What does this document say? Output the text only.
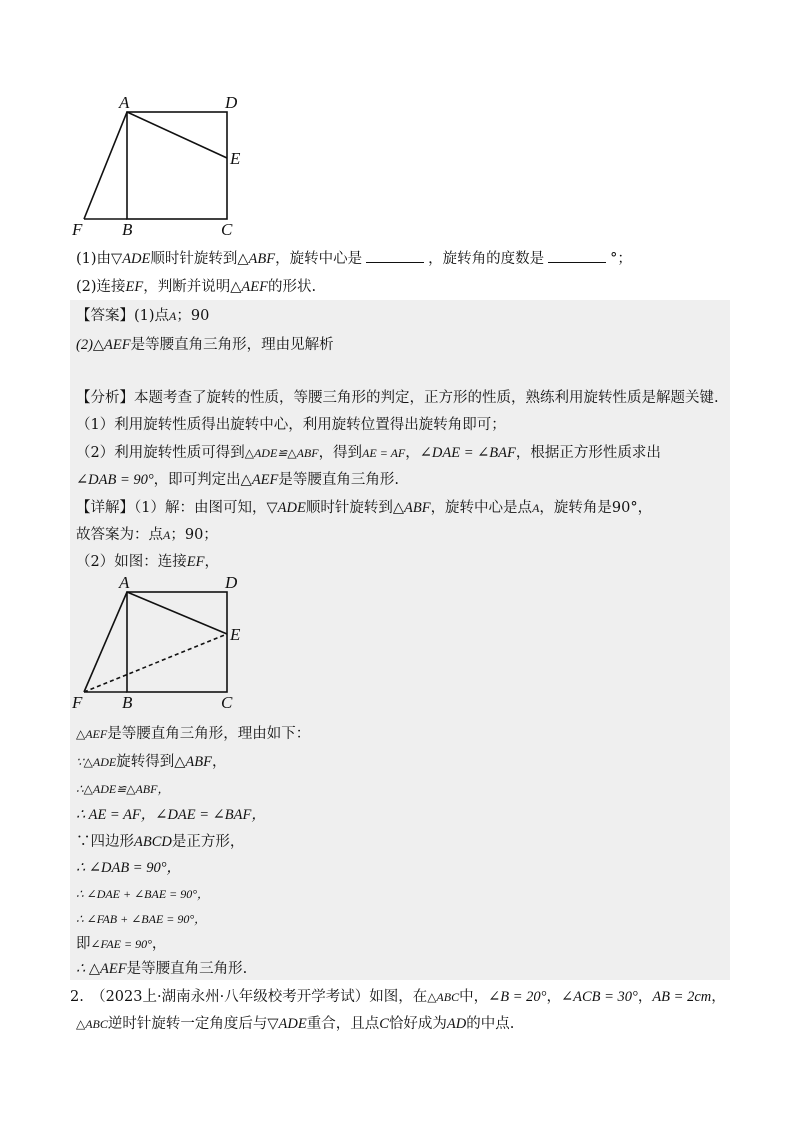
A	D
E
F B	C
(1)由▽ADE顺时针旋转到△ABF，旋转中心是	，旋转角的度数是	°；
(2)连接EF，判断并说明△AEF的形状.
【答案】(1)点A；90
(2)△AEF是等腰直角三角形，理由见解析
【分析】本题考查了旋转的性质，等腰三角形的判定，正方形的性质，熟练利用旋转性质是解题关键.
（1）利用旋转性质得出旋转中心，利用旋转位置得出旋转角即可；
（2）利用旋转性质可得到△ADE≌△ABF，得到AE = AF，∠DAE = ∠BAF，根据正方形性质求出
∠DAB = 90°，即可判定出△AEF是等腰直角三角形.
【详解】（1）解：由图可知，▽ADE顺时针旋转到△ABF，旋转中心是点A，旋转角是90°，
故答案为：点A；90；
（2）如图：连接EF，
A	D
E
F B	C
△AEF是等腰直角三角形，理由如下：
∵△ADE旋转得到△ABF，
∴△ADE≌△ABF，
∴ AE = AF，∠DAE = ∠BAF，
∵四边形ABCD是正方形，
∴ ∠DAB = 90°，
∴ ∠DAE + ∠BAE = 90°，
∴ ∠FAB + ∠BAE = 90°，
即∠FAE = 90°，
∴ △AEF是等腰直角三角形.
2.　（2023上·湖南永州·八年级校考开学考试）如图，在△ABC中，∠B = 20°，∠ACB = 30°，AB = 2cm，
△ABC逆时针旋转一定角度后与▽ADE重合，且点C恰好成为AD的中点.
